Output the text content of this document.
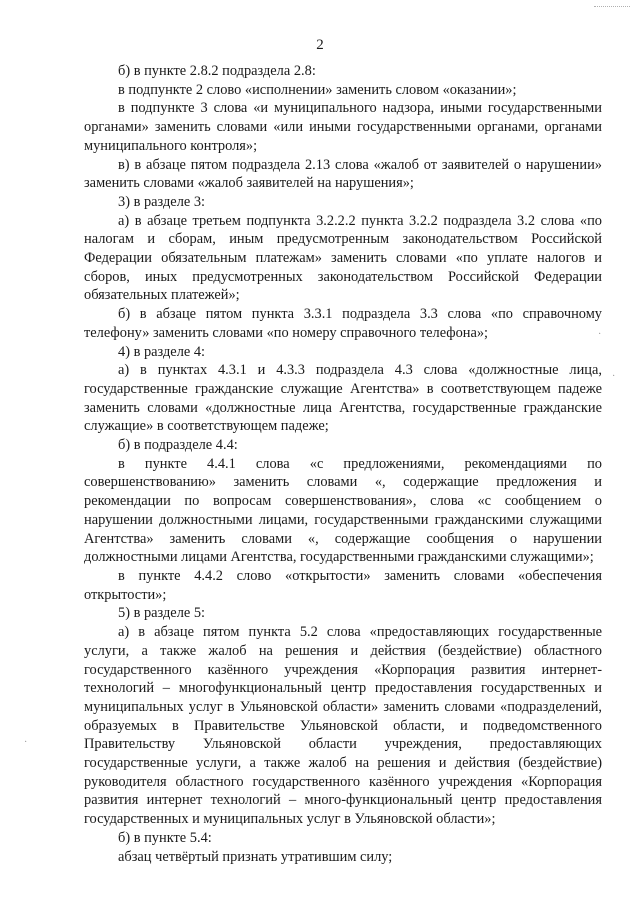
·
·
·
2

б) в пункте 2.8.2 подраздела 2.8:

в подпункте 2 слово «исполнении» заменить словом «оказании»;

в подпункте 3 слова «и муниципального надзора, иными государственными органами» заменить словами «или иными государственными органами, органами муниципального контроля»;

в) в абзаце пятом подраздела 2.13 слова «жалоб от заявителей о нарушении» заменить словами «жалоб заявителей на нарушения»;

3) в разделе 3:

а) в абзаце третьем подпункта 3.2.2.2 пункта 3.2.2 подраздела 3.2 слова «по налогам и сборам, иным предусмотренным законодательством Российской Федерации обязательным платежам» заменить словами «по уплате налогов и сборов, иных предусмотренных законодательством Российской Федерации обязательных платежей»;

б) в абзаце пятом пункта 3.3.1 подраздела 3.3 слова «по справочному телефону» заменить словами «по номеру справочного телефона»;

4) в разделе 4:

а) в пунктах 4.3.1 и 4.3.3 подраздела 4.3 слова «должностные лица, государственные гражданские служащие Агентства» в соответствующем падеже заменить словами «должностные лица Агентства, государственные гражданские служащие» в соответствующем падеже;

б) в подразделе 4.4:

в пункте 4.4.1 слова «с предложениями, рекомендациями по совершенствованию» заменить словами «, содержащие предложения и рекомендации по вопросам совершенствования», слова «с сообщением о нарушении должностными лицами, государственными гражданскими служащими Агентства» заменить словами «, содержащие сообщения о нарушении должностными лицами Агентства, государственными гражданскими служащими»;

в пункте 4.4.2 слово «открытости» заменить словами «обеспечения открытости»;

5) в разделе 5:

а) в абзаце пятом пункта 5.2 слова «предоставляющих государственные услуги, а также жалоб на решения и действия (бездействие) областного государственного казённого учреждения «Корпорация развития интернет-технологий – многофункциональный центр предоставления государственных и муниципальных услуг в Ульяновской области» заменить словами «подразделений, образуемых в Правительстве Ульяновской области, и подведомственного Правительству Ульяновской области учреждения, предоставляющих государственные услуги, а также жалоб на решения и действия (бездействие) руководителя областного государственного казённого учреждения «Корпорация развития интернет технологий – много-функциональный центр предоставления государственных и муниципальных услуг в Ульяновской области»;

б) в пункте 5.4:

абзац четвёртый признать утратившим силу;
